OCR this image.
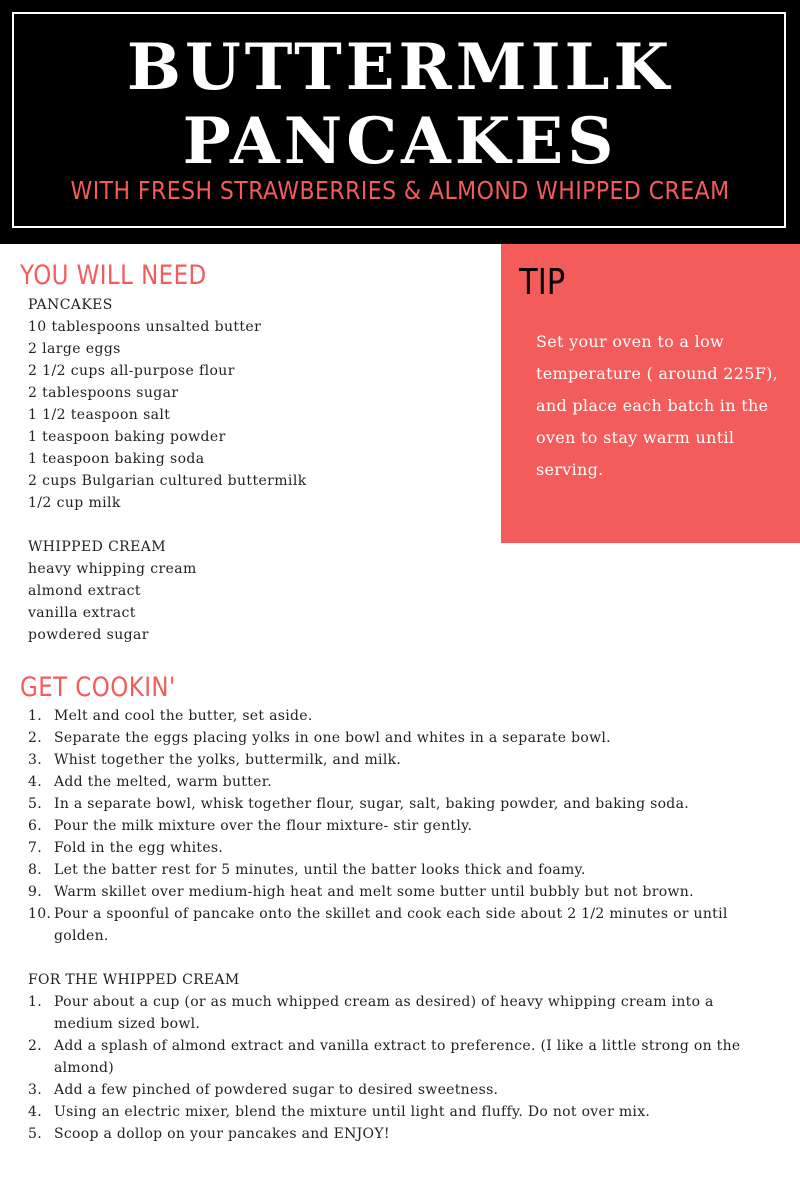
BUTTERMILK
PANCAKES
WITH FRESH STRAWBERRIES & ALMOND WHIPPED CREAM
YOU WILL NEED
PANCAKES
10 tablespoons unsalted butter
2 large eggs
2 1/2 cups all-purpose flour
2 tablespoons sugar
1 1/2 teaspoon salt
1 teaspoon baking powder
1 teaspoon baking soda
2 cups Bulgarian cultured buttermilk
1/2 cup milk
WHIPPED CREAM
heavy whipping cream
almond extract
vanilla extract
powdered sugar
TIP
Set your oven to a low temperature ( around 225F), and place each batch in the oven to stay warm until serving.
GET COOKIN'
1. Melt and cool the butter, set aside.
2. Separate the eggs placing yolks in one bowl and whites in a separate bowl.
3. Whist together the yolks, buttermilk, and milk.
4. Add the melted, warm butter.
5. In a separate bowl, whisk together flour, sugar, salt, baking powder, and baking soda.
6. Pour the milk mixture over the flour mixture- stir gently.
7. Fold in the egg whites.
8. Let the batter rest for 5 minutes, until the batter looks thick and foamy.
9. Warm skillet over medium-high heat and melt some butter until bubbly but not brown.
10. Pour a spoonful of pancake onto the skillet and cook each side about 2 1/2 minutes or until golden.
FOR THE WHIPPED CREAM
1. Pour about a cup (or as much whipped cream as desired) of heavy whipping cream into a medium sized bowl.
2. Add a splash of almond extract and vanilla extract to preference. (I like a little strong on the almond)
3. Add a few pinched of powdered sugar to desired sweetness.
4. Using an electric mixer, blend the mixture until light and fluffy. Do not over mix.
5. Scoop a dollop on your pancakes and ENJOY!
